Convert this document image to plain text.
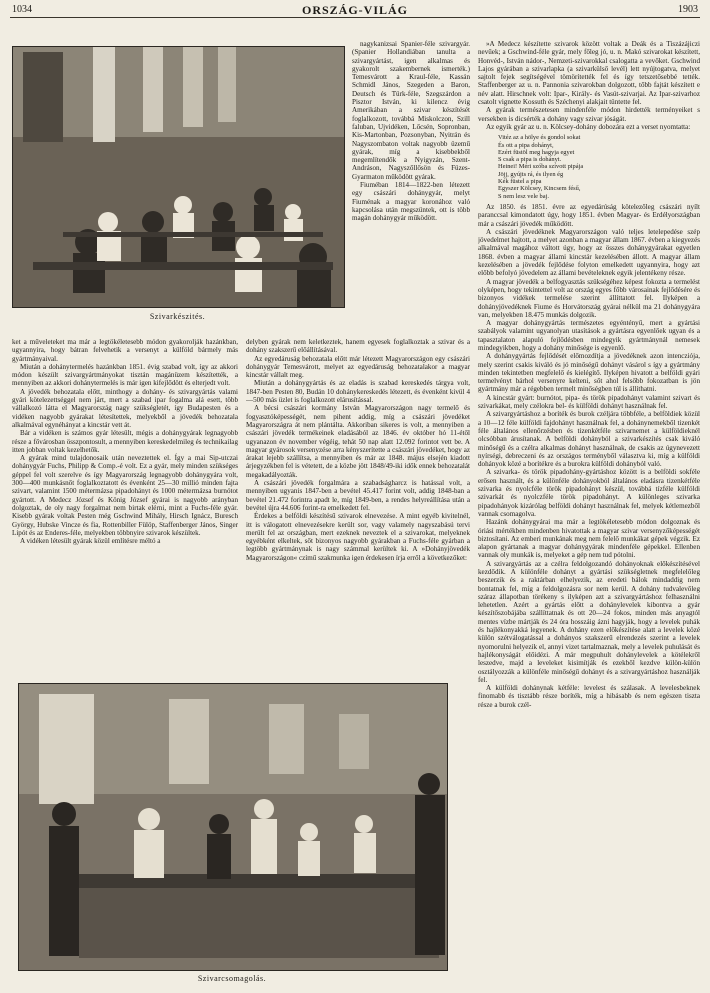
1034	ORSZÁG-VILÁG	1903
Szivarkészités.

nagykanizsai Spanier-féle szivargyár. (Spanier Hollandiában tanulta a szivargyártást, igen alkalmas és gyakorolt szakembernek ismerték.) Temesvárott a Kraul-féle, Kassán Schmidl János, Szegeden a Baron, Deutsch és Türk-féle, Szegszárdon a Pisztor István, ki kilencz évig Amerikában a szivar készítését foglalkozott, továbbá Miskolczon, Szill faluban, Ujvidéken, Lőcsén, Sopronban, Kis-Martonban, Pozsonyban, Nyitrán és Nagyszombaton voltak nagyobb üzemű gyárak, míg a kisebbekből megemlítendők a Nyigyzán, Szent-Andráson, Nagyszőllősön és Füzes-Gyarmaton működött gyárak.

Fiuméban 1814—1822-ben létezett egy császári dohánygyár, melyt Fiuménak a magyar koronához való kapcsolása után megszüntek, ott is több magán dohánygyár működött.

ket a műveleteket ma már a legtökéletesebb módon gyakorolják hazánkban, ugyannyira, hogy bátran felvehetik a versenyt a külföld bármely más gyártmányaival.

Miután a dohánytermelés hazánkban 1851. évig szabad volt, így az akkori módon készült szivargyártmányokat tisztán magánüzem készítették, a mennyiben az akkori dohánytermelés is már igen kifejlődött és elterjedt volt.

A jövedék behozatala előtt, minthogy a dohány- és szivargyártás valami gyári kötelezettséggel nem járt, mert a szabad ipar fogalma alá esett, több vállalkozó látta el Magyarország nagy szükségletét, így Budapesten és a vidéken nagyobb gyárakat létesítettek, melyekből a jövedék behozatala alkalmával egynéhányat a kincstár vett át.

Bár a vidéken is számos gyár létesült, mégis a dohánygyárak legnagyobb része a fővárosban összpontosult, a mennyiben kereskedelmileg és technikailag itten jobban voltak kezelhetők.

A gyárak mind tulajdonosaik után neveztettek el. Így a mai Sip-utczai dohánygyár Fuchs, Philipp & Comp.-é volt. Ez a gyár, mely minden szükséges géppel fel volt szerelve és így Magyarország legnagyobb dohánygyára volt, 300—400 munkásnőt foglalkoztatott és évenként 25—30 millió minden fajta szivart, valamint 1500 métermázsa pipadohányt és 1000 métermázsa burnótot gyártott. A Medecz József és König József gyárai is nagyobb arányban dolgoztak, de oly nagy forgalmat nem birtak elérni, mint a Fuchs-féle gyár. Kisebb gyárak voltak Pesten még Gschwind Mihály, Hirsch Ignácz, Buresch György, Hubske Vincze és fia, Rottenbiller Fülöp, Staffenberger János, Singer Lipót és az Enderes-féle, melyekben többnyire szivarok készültek.

A vidéken létesült gyárak közül említésre méltó a

delyben gyárak nem keletkeztek, hanem egyesek foglalkoztak a szivar és a dohány szakszerű előállításával.

Az egyedáruság behozatala előtt már létezett Magyarországon egy császári dohánygyár Temesvárott, melyet az egyedáruság behozatalakor a magyar kincstár vállalt meg.

Miután a dohánygyártás és az eladás is szabad kereskedés tárgya volt, 1847-ben Pesten 80, Budán 10 dohánykereskedés létezett, és évenként kivül 4—500 más üzlet is foglalkozott elárusítással.

A bécsi császári kormány István Magyarországon nagy termelő és fogyasztóképességét, nem pihent addig, míg a császári jövedéket Magyarországra át nem plántálta. Akkoriban sikeres is volt, a mennyiben a császári jövedék termékeinek eladásából az 1846. év október hó 11-étől ugyanazon év november végéig, tehát 50 nap alatt 12.092 forintot vett be. A magyar gyárosok versenyzése arra kényszerítette a császári jövedéket, hogy az árakat lejebb szállítsa, a mennyiben és már az 1848. május elsején kiadott árjegyzékben fel is vétetett, de a közbe jött 1848/49-iki idők ennek behozatalát megakadályozták.

A császári jövedék forgalmára a szabadságharcz is hatással volt, a mennyiben ugyanis 1847-ben a bevétel 45.417 forint volt, addig 1848-ban a bevétel 21.472 forintra apadt le, míg 1849-ben, a rendes helyreállítása után a bevétel újra 44.606 forint-ra emelkedett fel.

Érdekes a belföldi készítésű szivarok elnevezése. A mint egyéb kivitelnél, itt is válogatott elnevezésekre került sor, vagy valamely nagyszabású tervi merült fel az országban, mert ezeknek neveztek el a szivarokat, melyeknek egyébként elkeltek, sőt bizonyos nagyobb gyárakban a Fuchs-féle gyárban a legtöbb gyártmánynak is nagy számmal kerültek ki. A »Dohányjövedék Magyarországon« czímű szakmunka igen érdekesen írja erről a következőket:

Szivarcsomagolás.

»A Medecz készítette szivarok között voltak a Deák és a Tiszázájiczi nevűek; a Gschwind-féle gyár, mely főleg jó, u. n. Makó szivarokat készített, Honvéd-, István nádor-, Nemzeti-szivarokkal csalogatta a vevőket. Gschwind Lajos gyárában a szivarlapka (a szivarkülső levél) lett nyújtogatva, melyet sajtolt fejek segítségével tömörítették fel és így tetszetősebbé tették. Staffenberger az u. n. Pannonia szivarokban dolgozott, tőbb fajtát készített e név alatt. Hirschnek volt: Ipar-, Király- és Vasút-szivarjai. Az Ipar-szivarhoz csatolt vignette Kossuth és Széchenyi alakjait tüntette fel.

A gyárak természetesen mindenféle módon hirdették terményeiket s versekben is dicsérték a dohány vagy szivar jóságát.

Az egyik gyár az u. n. Kölcsey-dohány dobozára ezt a verset nyomtatta:

Vitéz az a hölye és gondol sokat
És ott a pipa dohányt,
Ezért füstöl meg hagyja egyet
S csak a pipa is dohányt.
Heinei! Méri szóba szívott pipája
Jöjj, gyújts rá, és ilyen ég
Kék füstel a pipa
Egyszer Kölcsey, Kincsem fésű,
S nem lesz vele baj.

Az 1850. és 1851. évre az egyedárúság kötelezőleg császári nyílt paranccsal kimondatott úgy, hogy 1851. évben Magyar- és Erdélyországban már a császári jövedék működött.

A császári jövedéknek Magyarországon való teljes letelepedése szép jövedelmet hajtott, a melyet azonban a magyar állam 1867. évben a kiegyezés alkalmával magához váltott úgy, hogy az összes dohánygyárakat egyetlen 1868. évben a magyar állami kincstár kezelésében állott. A magyar állam kezelésében a jövedék fejlődése folyton emelkedett ugyannyira, hogy azt előbb befolyó jövedelem az állami bevételeknek egyik jelentékeny része.

A magyar jövedék a belfogyasztás szükségéhez képest fokozta a termelést olyképen, hogy tekintettel volt az ország egyes főbb városainak fejlődésére és bizonyos vidékek termelése szerint állíttatott fel. Ilyképen a dohányjövedéknek Fiume és Horvátország gyárai nélkül ma 21 dohánygyára van, melyekben 18.475 munkás dolgozik.

A magyar dohánygyártás természetes egyéntényű, mert a gyártási szabályok valamint ugyanolyan utasítások a gyártásra egyenlőek ugyan és a tapasztalaton alapuló fejlődésben mindegyik gyártmánynál nemesek mindegyikben, hogy a dohány minősége is egyenlő.

A dohánygyártás fejlődését előmozdítja a jövedéknek azon intencziója, mely szerint csakis kiváló és jó minőségű dohányt vásárol s így a gyártmány minden tekintetben megfelelő és kielégítő. Ilyképen hivatott a belföldi gyári termelvényt bárhol versenyre kelteni, sőt ahol felsőbb fokozatban is jön gyártmány már a régebben termelt minőségben túl is állíthatni.

A kincstár gyárt: burnótot, pipa- és török pipadohányt valamint szivart és szivarkákat, mely czélokra bel- és külföldi dohányt használnak fel.

A szivargyártáshoz a boríték és burok czéljára többféle, a belföldiek közül a 10—12 féle külföldi fajdohányt használnak fel, a dohánynemekből tizenkét féle általános ellenőrzésben és tizenkétféle szivarnemet a külföldieknél olcsóbban árusítanak. A belföldi dohányból a szivarkészítés csak kiváló minőségű és a czélra alkalmas dohányt használnak, de csakis az úgynevezett nyírségi, debreczeni és az országos terményből választva ki, míg a külföldi dohányok közé a borítékre és a burokra külföldi dohányból való.

A szivarka- és török pipadohány-gyártáshoz között is a belföldi sokféle erősen használt, és a különféle dohányokból általános eladásra tizenkétféle szivarka és nyolcféle török pipadohányt készül, továbbá tízféle külföldi szivarkát és nyolczféle török pipadohányt. A különleges szivarka pipadohányok kizárólag belföldi dohányt használnak fel, melyek kétlemezből vannak csomagolva.

Hazánk dohánygyárai ma már a legtökéletesebb módon dolgoznak és óriási mértékben mindenben hivatottak a magyar szivar versenyzőképességét biztosítani. Az emberi munkának meg nem felelő munkákat gépek végzik. Ez alapon gyártanak a magyar dohánygyárak mindenféle gépekkel. Ellenben vannak oly munkák is, melyeket a gép nem tud pótolni.

A szivargyártás az a czélra feldolgozandó dohányoknak előkészítésével kezdődik. A különféle dohányt a gyártási szükségletnek megfelelőleg beszerzik és a raktárban elhelyezik, az eredeti bálok mindaddig nem bontatnak fel, míg a feldolgozásra sor nem kerül. A dohány tudvalevőleg száraz állapotban törékeny s ilyképen azt a szivargyártáshoz felhasználni lehetetlen. Azért a gyártás előtt a dohánylevelek kibontva a gyár készítőszobájába szállíttatnak és ott 20—24 fokos, minden más anyagtól mentes vízbe mártják és 24 óra hosszáig ázni hagyják, hogy a levelek puhák és hajlékonyakká legyenek. A dohány ezen előkészítése alatt a levelek közé külön szétválogatással a dohányos szakszerű elrendezés szerint a levelek nyomorulni helyezik el, annyi vizet tartalmaznak, mely a levelek puhulását és hajlékonyságát előidézi. A már megpuhult dohánylevelek a kötélekről leszedve, majd a leveleket kisimítják és ezekből kezdve külön-külön osztályozzák a különféle minőségű dohányt és a szivargyártáshoz használják fel.

A külföldi dohánynak kétféle: levelest és szálasak. A levelesbeknek finomabb és tisztább része boríték, míg a hibásabb és nem egészen tiszta része a burok czél-
